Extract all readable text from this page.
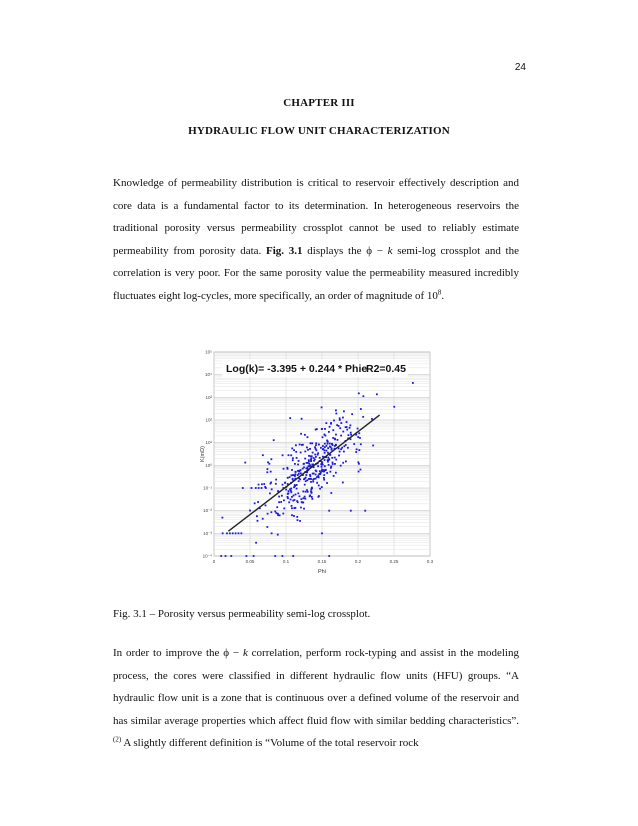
24
CHAPTER III
HYDRAULIC FLOW UNIT CHARACTERIZATION

Knowledge of permeability distribution is critical to reservoir effectively description and core data is a fundamental factor to its determination. In heterogeneous reservoirs the traditional porosity versus permeability crossplot cannot be used to reliably estimate permeability from porosity data. Fig. 3.1 displays the ϕ − k semi-log crossplot and the correlation is very poor. For the same porosity value the permeability measured incredibly fluctuates eight log-cycles, more specifically, an order of magnitude of $10^8$.

0	0.05	0.1	0.15	0.2	0.25	0.3
10⁵
10⁴
10³
10²
10¹
10⁰
10⁻¹
10⁻²
10⁻³
10⁻⁴
Log(k)= -3.395 + 0.244 * Phie
R2=0.45
Phi
K(mD)
Fig. 3.1 – Porosity versus permeability semi-log crossplot.

In order to improve the ϕ − k correlation, perform rock-typing and assist in the modeling process, the cores were classified in different hydraulic flow units (HFU) groups. “A hydraulic flow unit is a zone that is continuous over a defined volume of the reservoir and has similar average properties which affect fluid flow with similar bedding characteristics”.$^{(2)}$ A slightly different definition is “Volume of the total reservoir rock
